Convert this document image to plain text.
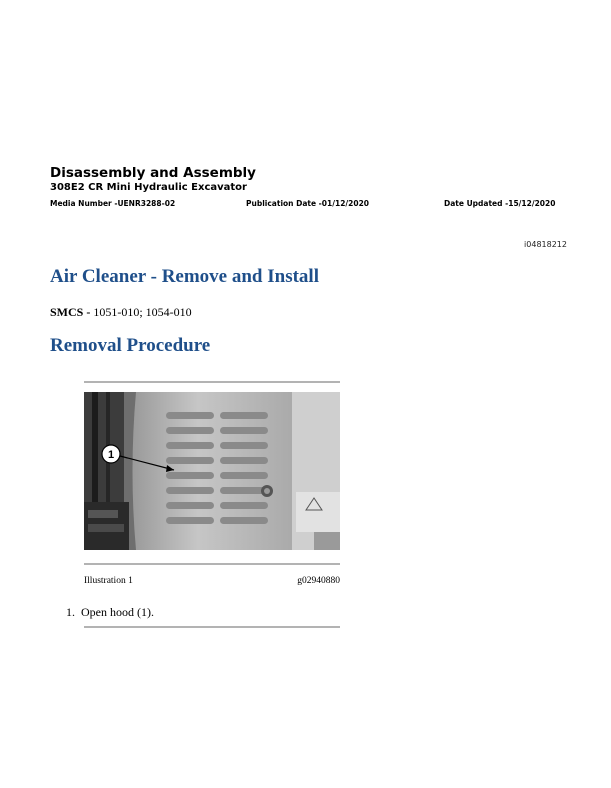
Disassembly and Assembly
308E2 CR Mini Hydraulic Excavator
Media Number -UENR3288-02	Publication Date -01/12/2020	Date Updated -15/12/2020
i04818212
Air Cleaner - Remove and Install
SMCS - 1051-010; 1054-010
Removal Procedure
1
Illustration 1	g02940880
1. Open hood (1).
